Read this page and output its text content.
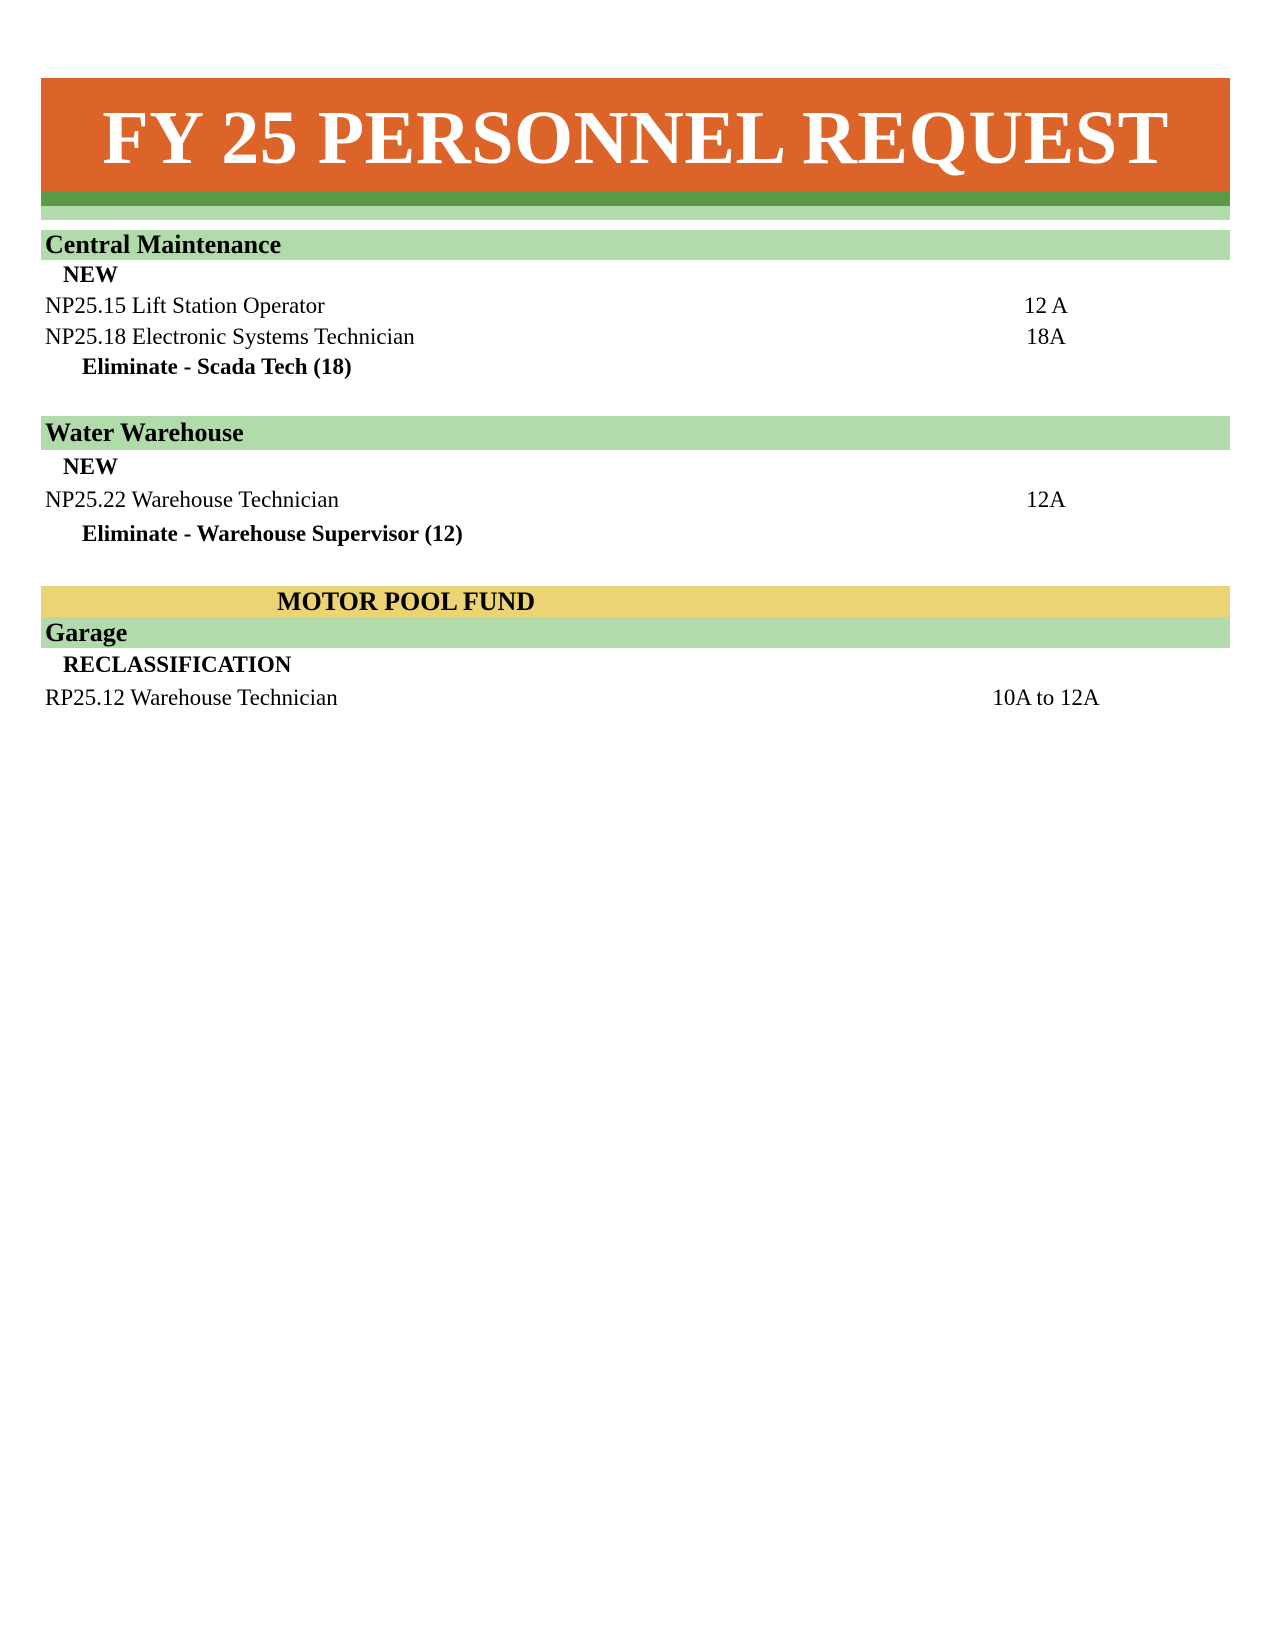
FY 25 PERSONNEL REQUEST
Central Maintenance
NEW
NP25.15 Lift Station Operator	12 A
NP25.18 Electronic Systems Technician	18A
Eliminate - Scada Tech (18)
Water Warehouse
NEW
NP25.22 Warehouse Technician	12A
Eliminate - Warehouse Supervisor (12)
MOTOR POOL FUND
Garage
RECLASSIFICATION
RP25.12 Warehouse Technician	10A to 12A
